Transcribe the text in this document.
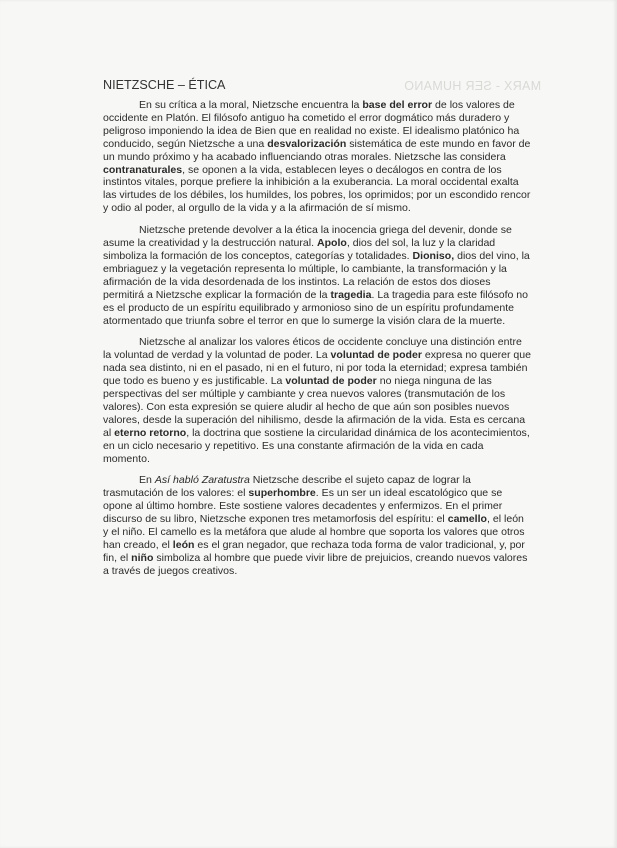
MARX - SER HUMANO
NIETZSCHE – ÉTICA

En su crítica a la moral, Nietzsche encuentra la base del error de los valores de occidente en Platón. El filósofo antiguo ha cometido el error dogmático más duradero y peligroso imponiendo la idea de Bien que en realidad no existe. El idealismo platónico ha conducido, según Nietzsche a una desvalorización sistemática de este mundo en favor de un mundo próximo y ha acabado influenciando otras morales. Nietzsche las considera contranaturales, se oponen a la vida, establecen leyes o decálogos en contra de los instintos vitales, porque prefiere la inhibición a la exuberancia. La moral occidental exalta las virtudes de los débiles, los humildes, los pobres, los oprimidos; por un escondido rencor y odio al poder, al orgullo de la vida y a la afirmación de sí mismo.

Nietzsche pretende devolver a la ética la inocencia griega del devenir, donde se asume la creatividad y la destrucción natural. Apolo, dios del sol, la luz y la claridad simboliza la formación de los conceptos, categorías y totalidades. Dioniso, dios del vino, la embriaguez y la vegetación representa lo múltiple, lo cambiante, la transformación y la afirmación de la vida desordenada de los instintos. La relación de estos dos dioses permitirá a Nietzsche explicar la formación de la tragedia. La tragedia para este filósofo no es el producto de un espíritu equilibrado y armonioso sino de un espíritu profundamente atormentado que triunfa sobre el terror en que lo sumerge la visión clara de la muerte.

Nietzsche al analizar los valores éticos de occidente concluye una distinción entre la voluntad de verdad y la voluntad de poder. La voluntad de poder expresa no querer que nada sea distinto, ni en el pasado, ni en el futuro, ni por toda la eternidad; expresa también que todo es bueno y es justificable. La voluntad de poder no niega ninguna de las perspectivas del ser múltiple y cambiante y crea nuevos valores (transmutación de los valores). Con esta expresión se quiere aludir al hecho de que aún son posibles nuevos valores, desde la superación del nihilismo, desde la afirmación de la vida. Esta es cercana al eterno retorno, la doctrina que sostiene la circularidad dinámica de los acontecimientos, en un ciclo necesario y repetitivo. Es una constante afirmación de la vida en cada momento.

En Así habló Zaratustra Nietzsche describe el sujeto capaz de lograr la trasmutación de los valores: el superhombre. Es un ser un ideal escatológico que se opone al último hombre. Este sostiene valores decadentes y enfermizos. En el primer discurso de su libro, Nietzsche exponen tres metamorfosis del espíritu: el camello, el león y el niño. El camello es la metáfora que alude al hombre que soporta los valores que otros han creado, el león es el gran negador, que rechaza toda forma de valor tradicional, y, por fin, el niño simboliza al hombre que puede vivir libre de prejuicios, creando nuevos valores a través de juegos creativos.
